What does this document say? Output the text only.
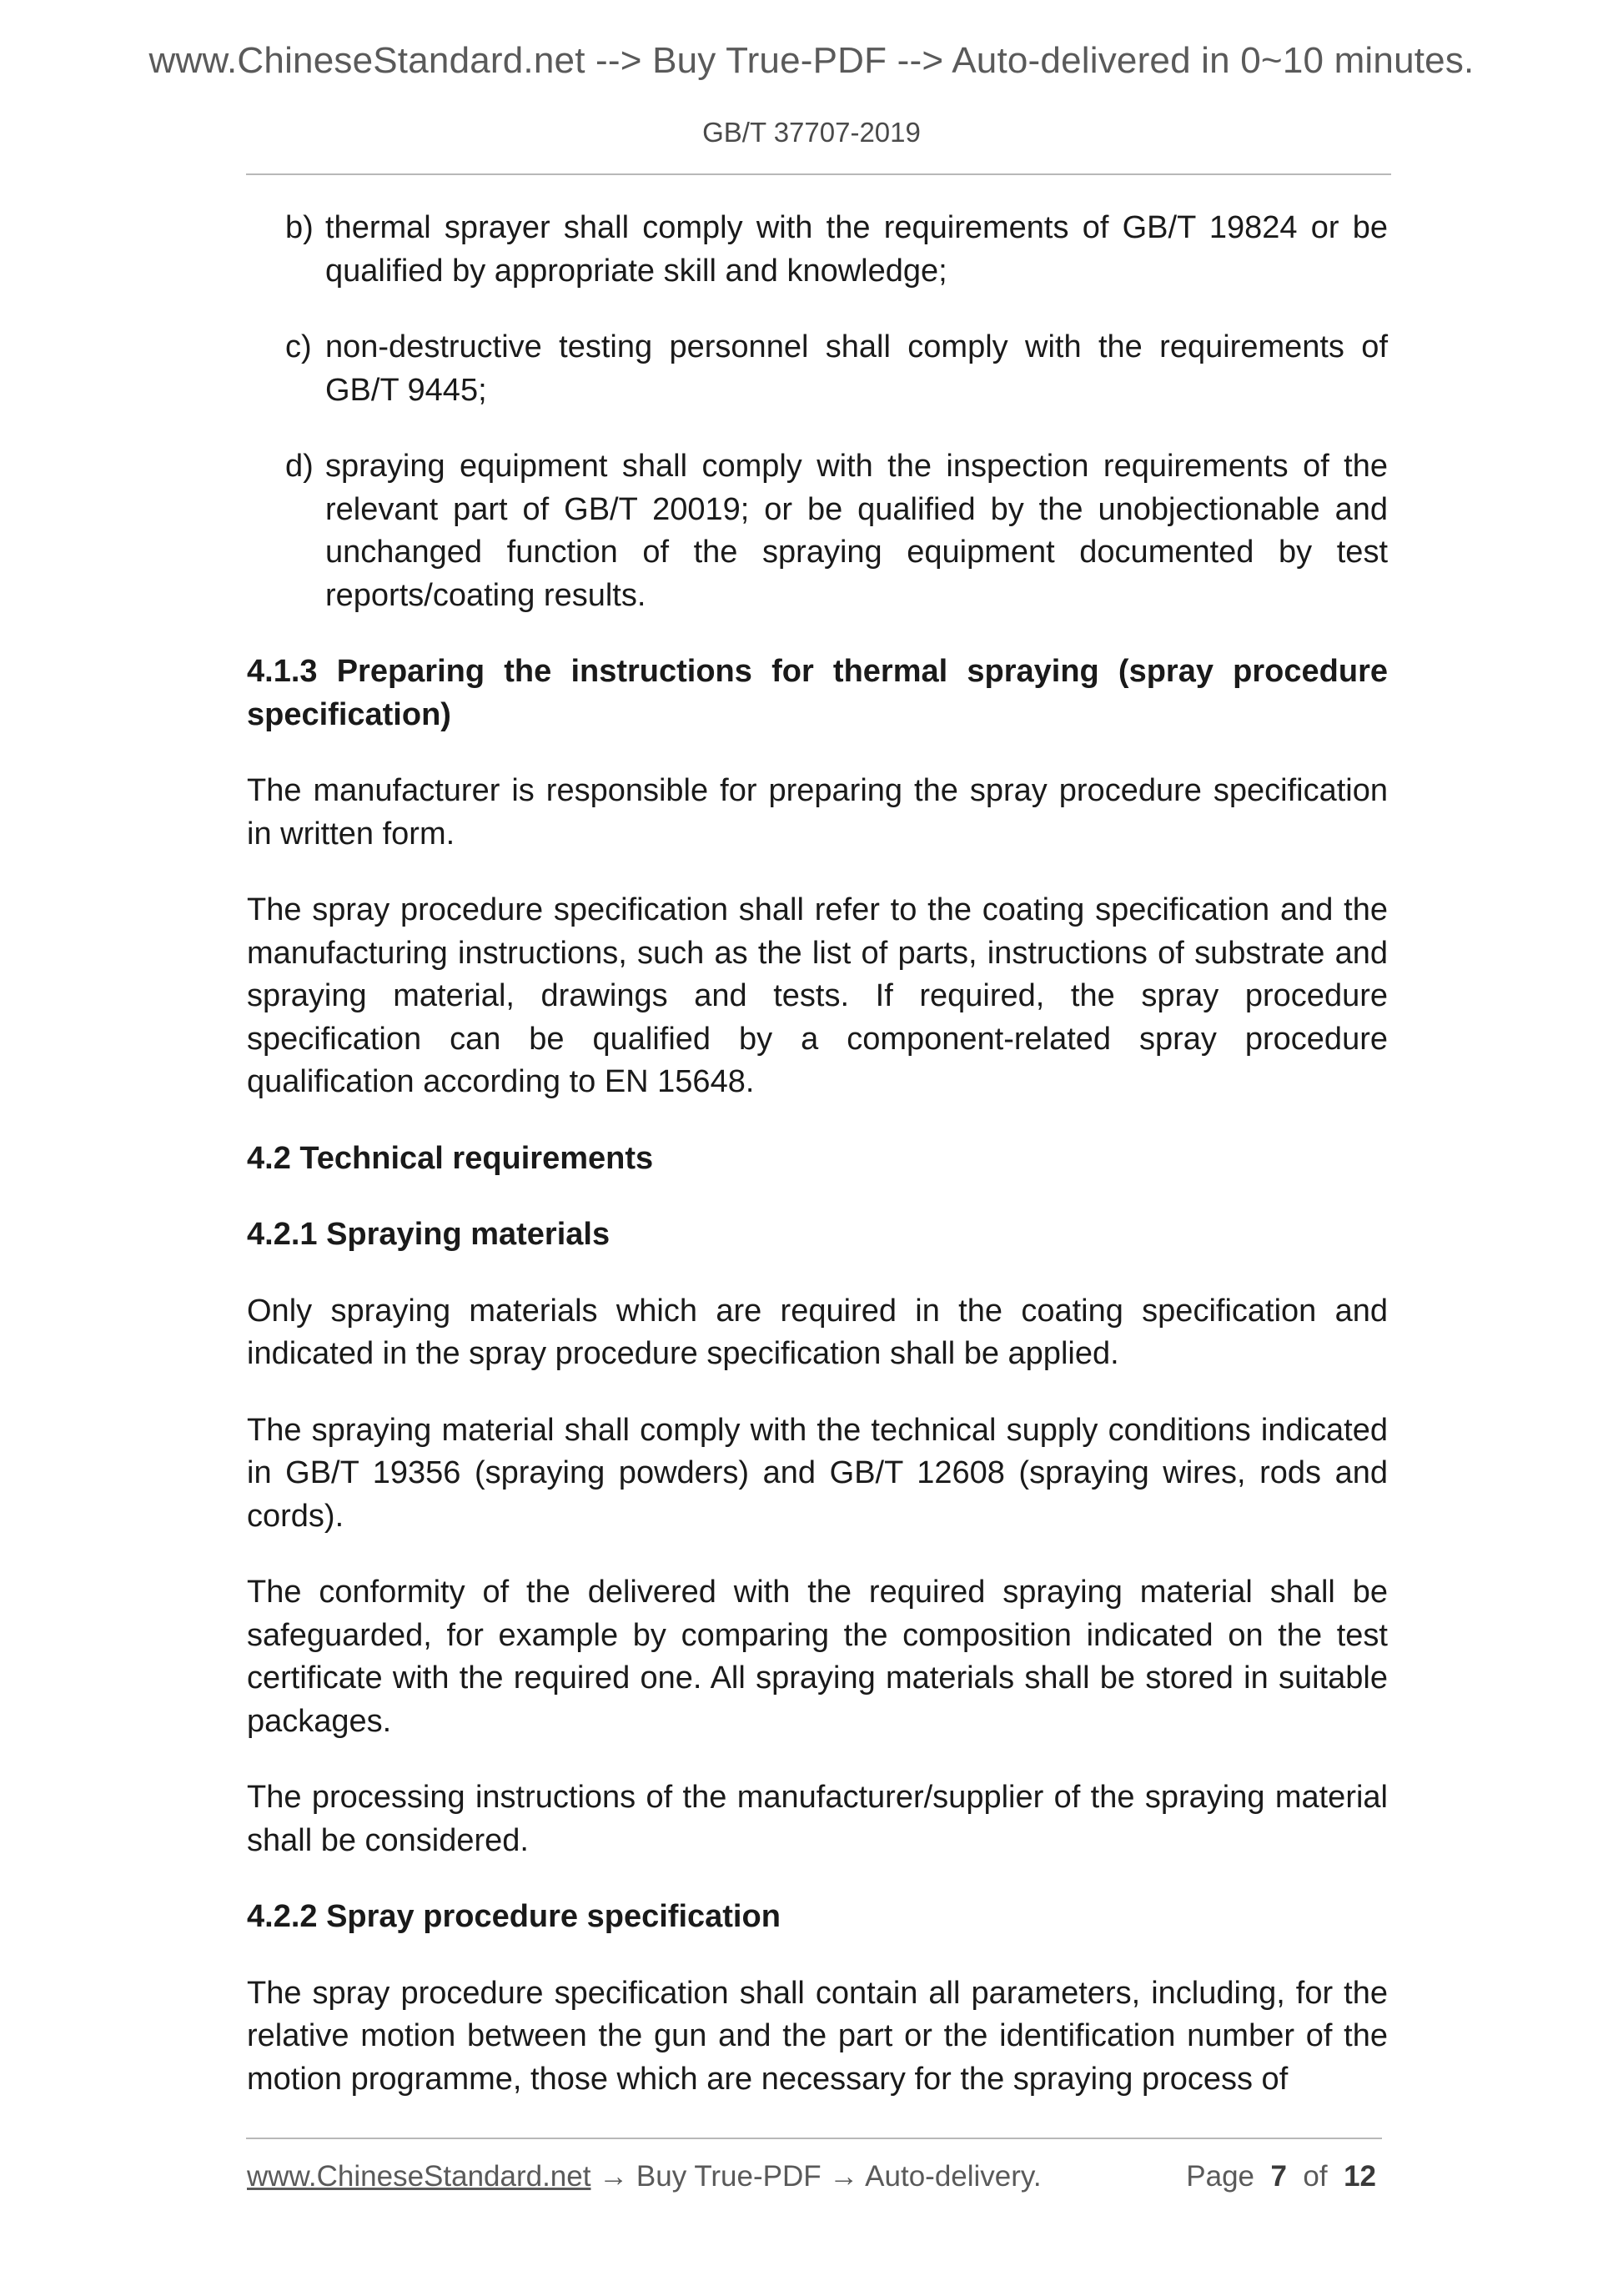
www.ChineseStandard.net --> Buy True-PDF --> Auto-delivered in 0~10 minutes.
GB/T 37707-2019
b) thermal sprayer shall comply with the requirements of GB/T 19824 or be qualified by appropriate skill and knowledge;
c) non-destructive testing personnel shall comply with the requirements of GB/T 9445;
d) spraying equipment shall comply with the inspection requirements of the relevant part of GB/T 20019; or be qualified by the unobjectionable and unchanged function of the spraying equipment documented by test reports/coating results.
4.1.3 Preparing the instructions for thermal spraying (spray procedure specification)

The manufacturer is responsible for preparing the spray procedure specification in written form.

The spray procedure specification shall refer to the coating specification and the manufacturing instructions, such as the list of parts, instructions of substrate and spraying material, drawings and tests. If required, the spray procedure specification can be qualified by a component-related spray procedure qualification according to EN 15648.

4.2 Technical requirements
4.2.1 Spraying materials

Only spraying materials which are required in the coating specification and indicated in the spray procedure specification shall be applied.

The spraying material shall comply with the technical supply conditions indicated in GB/T 19356 (spraying powders) and GB/T 12608 (spraying wires, rods and cords).

The conformity of the delivered with the required spraying material shall be safeguarded, for example by comparing the composition indicated on the test certificate with the required one. All spraying materials shall be stored in suitable packages.

The processing instructions of the manufacturer/supplier of the spraying material shall be considered.

4.2.2 Spray procedure specification

The spray procedure specification shall contain all parameters, including, for the relative motion between the gun and the part or the identification number of the motion programme, those which are necessary for the spraying process of

www.ChineseStandard.net → Buy True-PDF → Auto-delivery.	Page 7 of 12
